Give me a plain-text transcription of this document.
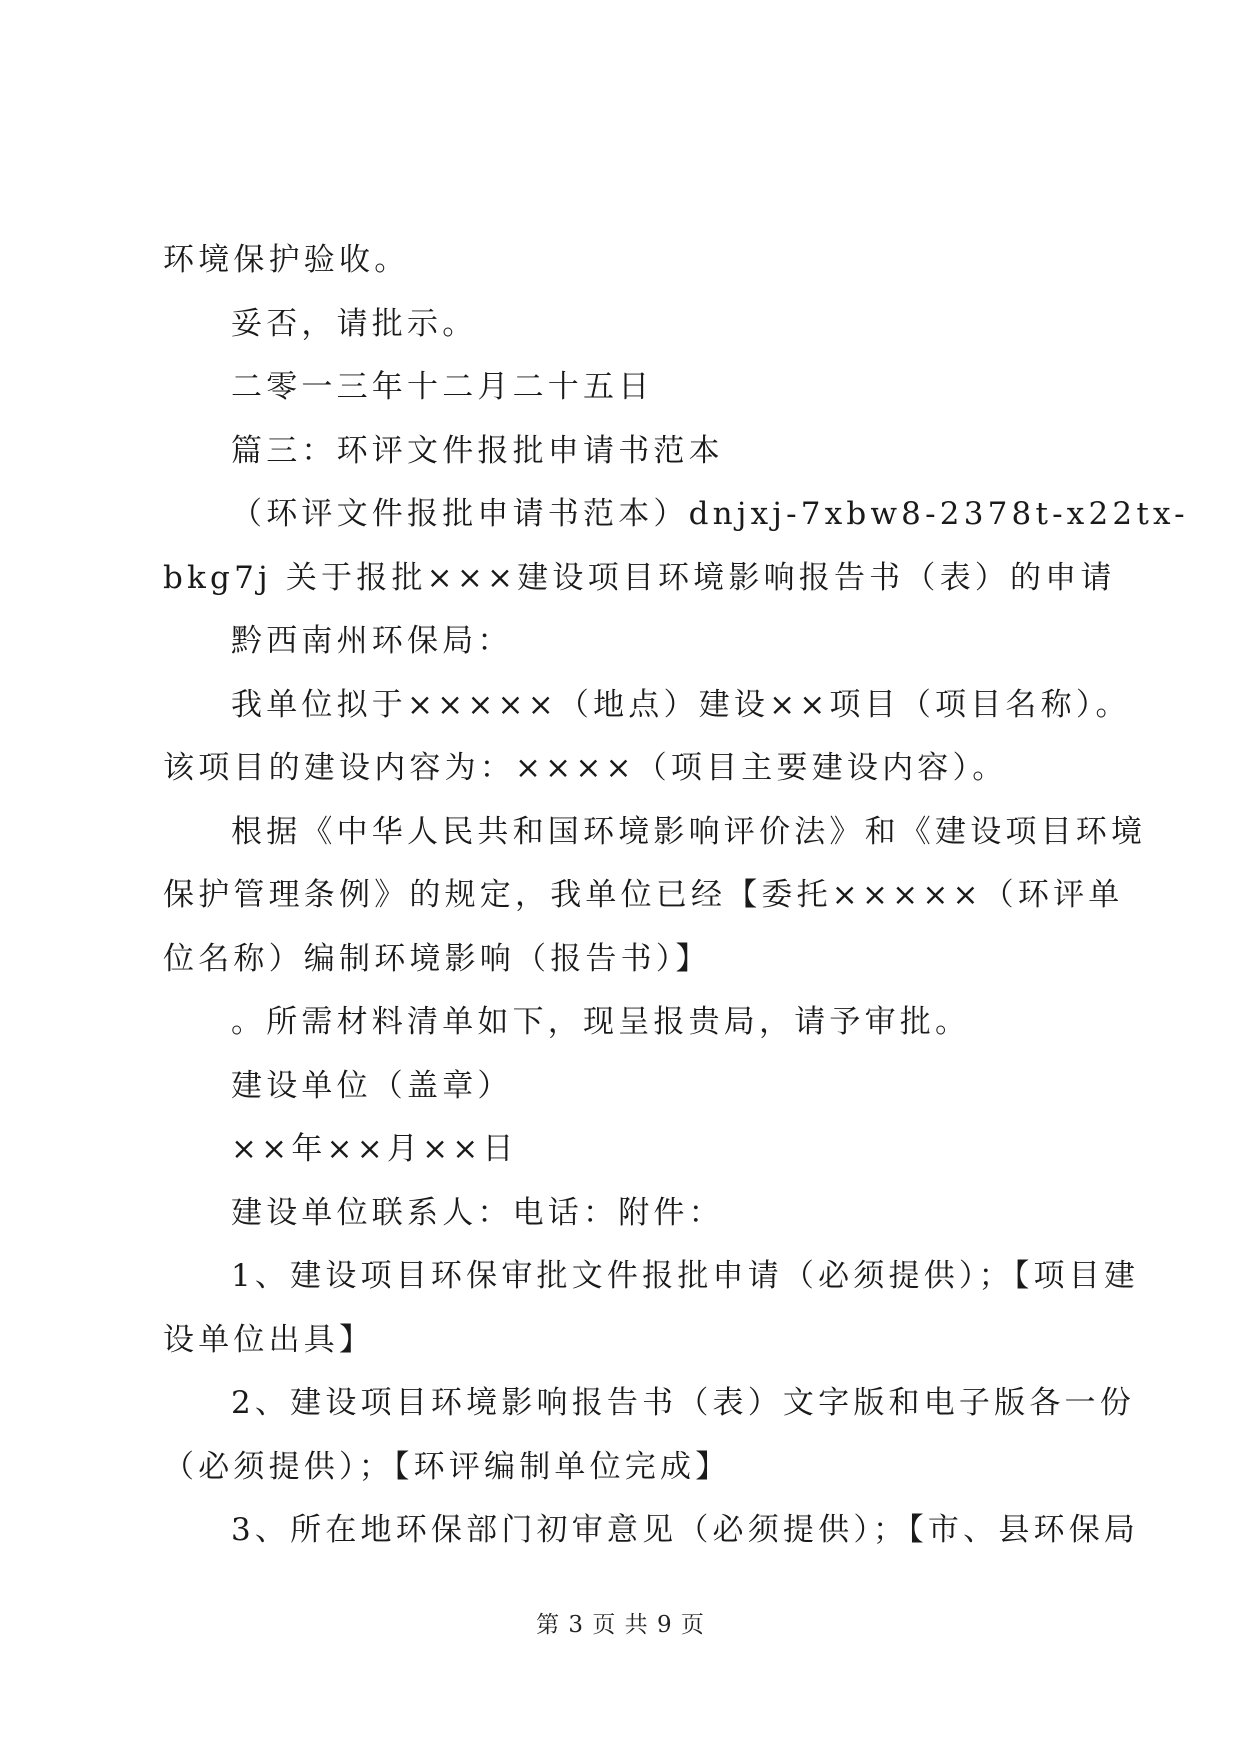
环境保护验收。
妥否，请批示。
二零一三年十二月二十五日
篇三：环评文件报批申请书范本
（环评文件报批申请书范本）dnjxj-7xbw8-2378t-x22tx-
bkg7j 关于报批×××建设项目环境影响报告书（表）的申请
黔西南州环保局：
我单位拟于×××××（地点）建设××项目（项目名称）。
该项目的建设内容为：××××（项目主要建设内容）。
根据《中华人民共和国环境影响评价法》和《建设项目环境
保护管理条例》的规定，我单位已经【委托×××××（环评单
位名称）编制环境影响（报告书）】
。所需材料清单如下，现呈报贵局，请予审批。
建设单位（盖章）
××年××月××日
建设单位联系人：电话：附件：
1、建设项目环保审批文件报批申请（必须提供）；【项目建
设单位出具】
2、建设项目环境影响报告书（表）文字版和电子版各一份
（必须提供）；【环评编制单位完成】
3、所在地环保部门初审意见（必须提供）；【市、县环保局
第 3 页 共 9 页
